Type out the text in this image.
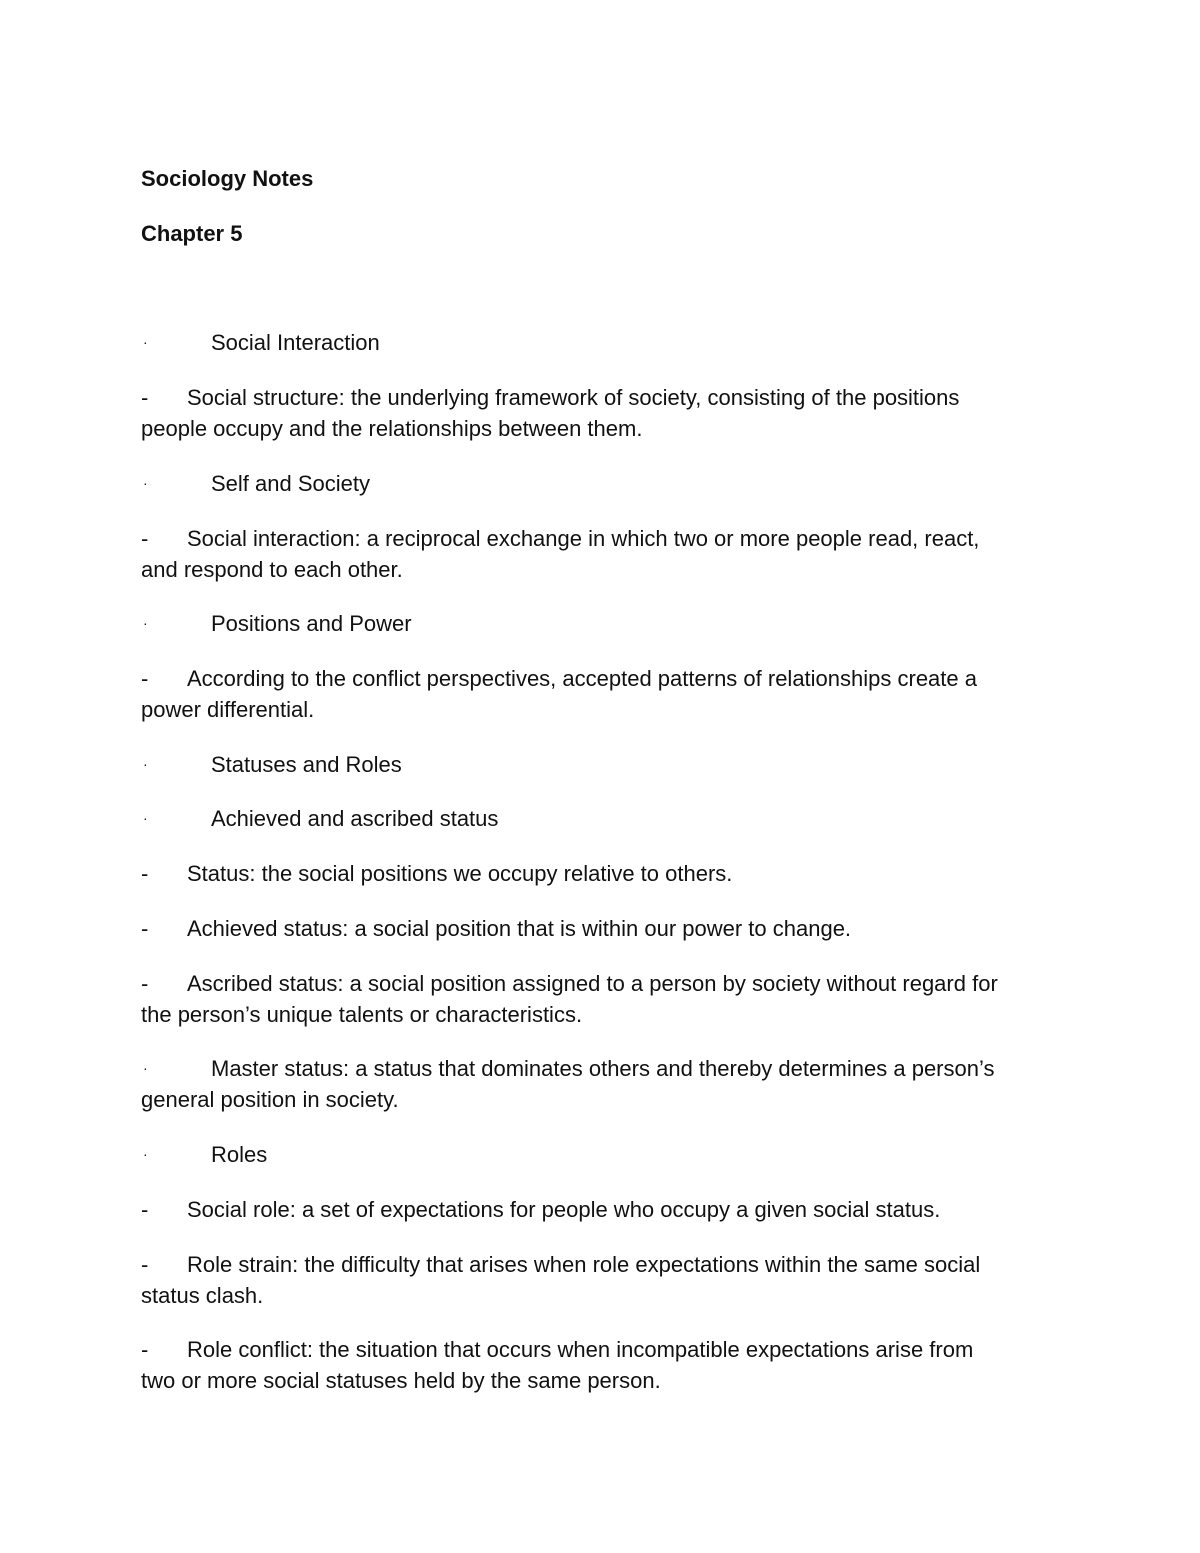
Sociology Notes
Chapter 5
·	Social Interaction
- Social structure: the underlying framework of society, consisting of the positions
people occupy and the relationships between them.
·	Self and Society
- Social interaction: a reciprocal exchange in which two or more people read, react,
and respond to each other.
·	Positions and Power
- According to the conflict perspectives, accepted patterns of relationships create a
power differential.
·	Statuses and Roles
·	Achieved and ascribed status
- Status: the social positions we occupy relative to others.
- Achieved status: a social position that is within our power to change.
- Ascribed status: a social position assigned to a person by society without regard for
the person’s unique talents or characteristics.
·	Master status: a status that dominates others and thereby determines a person’s
general position in society.
·	Roles
- Social role: a set of expectations for people who occupy a given social status.
- Role strain: the difficulty that arises when role expectations within the same social
status clash.
- Role conflict: the situation that occurs when incompatible expectations arise from
two or more social statuses held by the same person.
